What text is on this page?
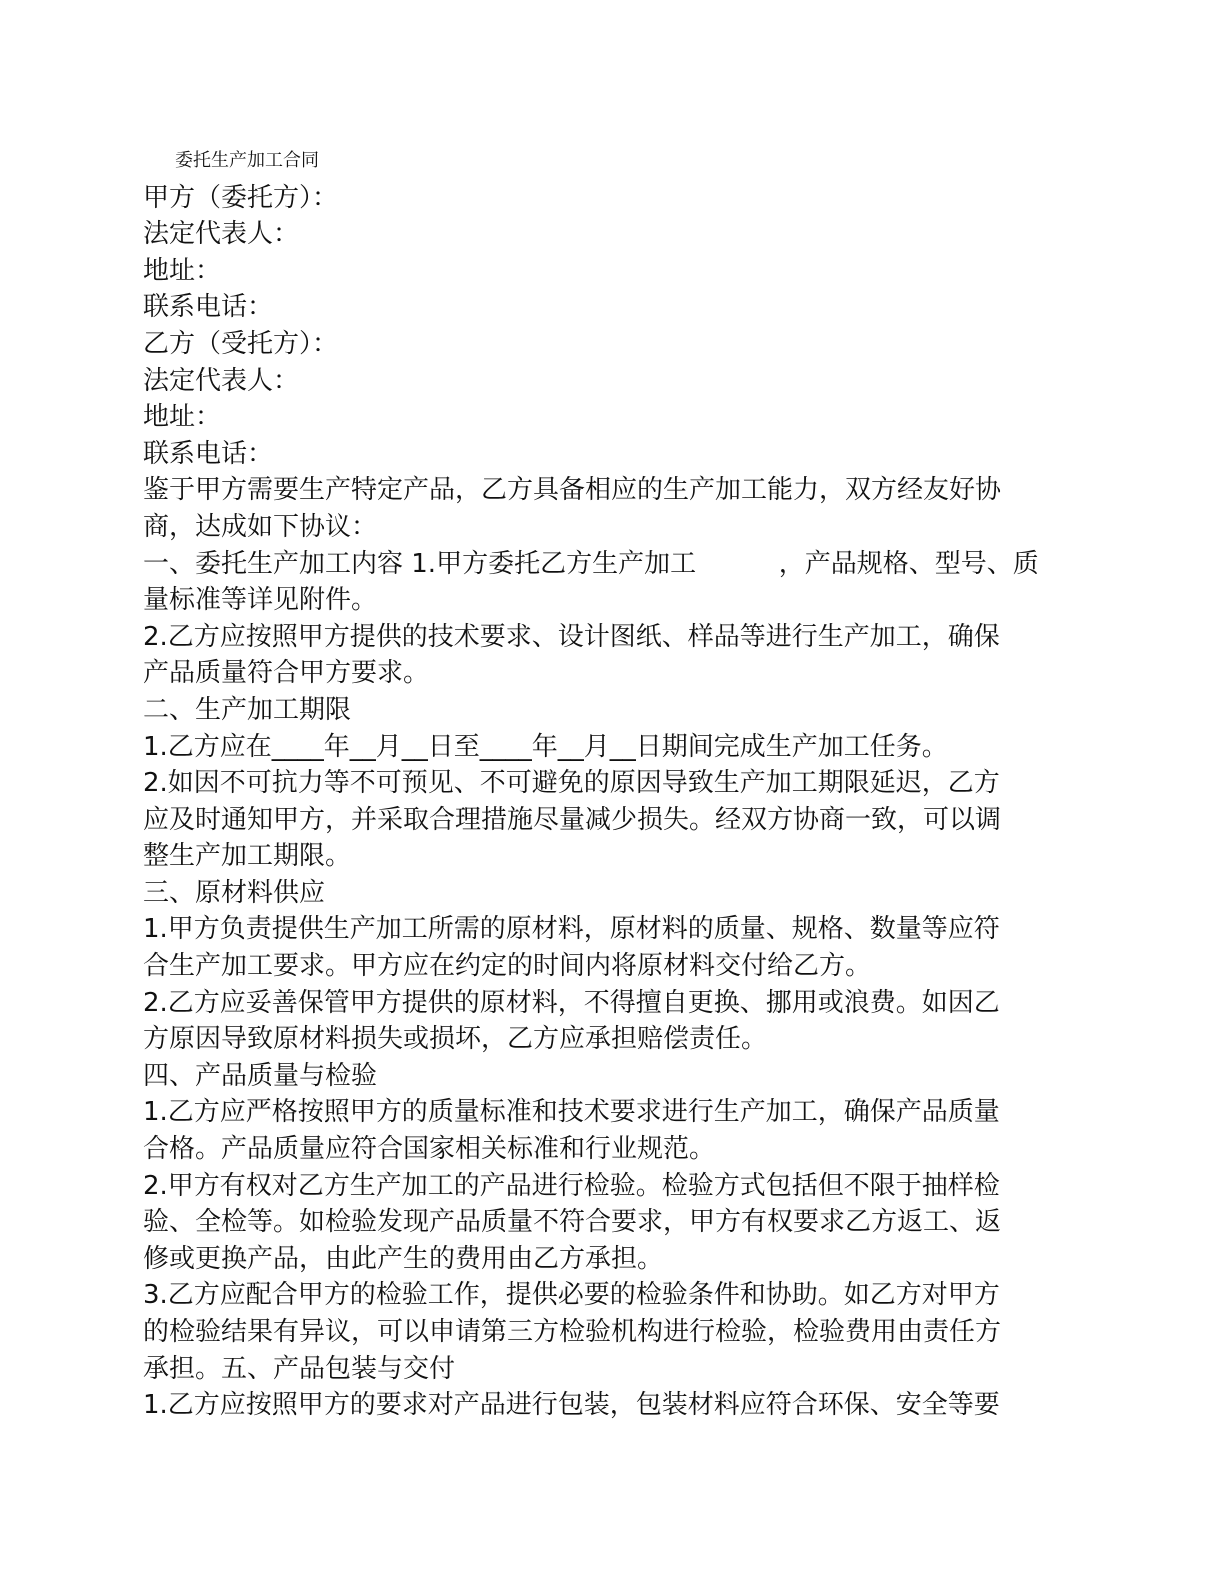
委托生产加工合同

甲方（委托方）：

法定代表人：

地址：

联系电话：

乙方（受托方）：

法定代表人：

地址：

联系电话：

鉴于甲方需要生产特定产品，乙方具备相应的生产加工能力，双方经友好协

商，达成如下协议：

一、委托生产加工内容 1.甲方委托乙方生产加工          ，产品规格、型号、质

量标准等详见附件。

2.乙方应按照甲方提供的技术要求、设计图纸、样品等进行生产加工，确保

产品质量符合甲方要求。

二、生产加工期限

1.乙方应在____年__月__日至____年__月__日期间完成生产加工任务。

2.如因不可抗力等不可预见、不可避免的原因导致生产加工期限延迟，乙方

应及时通知甲方，并采取合理措施尽量减少损失。经双方协商一致，可以调

整生产加工期限。

三、原材料供应

1.甲方负责提供生产加工所需的原材料，原材料的质量、规格、数量等应符

合生产加工要求。甲方应在约定的时间内将原材料交付给乙方。

2.乙方应妥善保管甲方提供的原材料，不得擅自更换、挪用或浪费。如因乙

方原因导致原材料损失或损坏，乙方应承担赔偿责任。

四、产品质量与检验

1.乙方应严格按照甲方的质量标准和技术要求进行生产加工，确保产品质量

合格。产品质量应符合国家相关标准和行业规范。

2.甲方有权对乙方生产加工的产品进行检验。检验方式包括但不限于抽样检

验、全检等。如检验发现产品质量不符合要求，甲方有权要求乙方返工、返

修或更换产品，由此产生的费用由乙方承担。

3.乙方应配合甲方的检验工作，提供必要的检验条件和协助。如乙方对甲方

的检验结果有异议，可以申请第三方检验机构进行检验，检验费用由责任方

承担。五、产品包装与交付

1.乙方应按照甲方的要求对产品进行包装，包装材料应符合环保、安全等要
